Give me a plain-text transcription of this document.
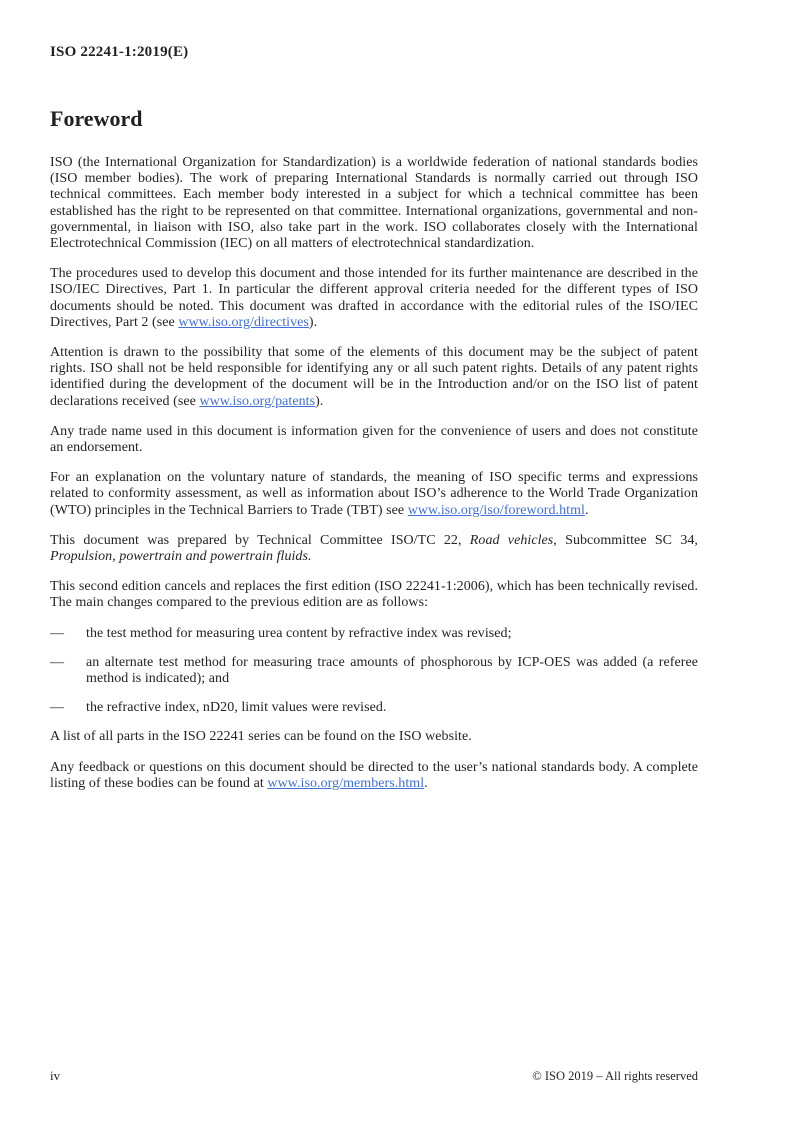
ISO 22241-1:2019(E)
Foreword

ISO (the International Organization for Standardization) is a worldwide federation of national standards bodies (ISO member bodies). The work of preparing International Standards is normally carried out through ISO technical committees. Each member body interested in a subject for which a technical committee has been established has the right to be represented on that committee. International organizations, governmental and non-governmental, in liaison with ISO, also take part in the work. ISO collaborates closely with the International Electrotechnical Commission (IEC) on all matters of electrotechnical standardization.

The procedures used to develop this document and those intended for its further maintenance are described in the ISO/IEC Directives, Part 1. In particular the different approval criteria needed for the different types of ISO documents should be noted. This document was drafted in accordance with the editorial rules of the ISO/IEC Directives, Part 2 (see www.iso.org/directives).

Attention is drawn to the possibility that some of the elements of this document may be the subject of patent rights. ISO shall not be held responsible for identifying any or all such patent rights. Details of any patent rights identified during the development of the document will be in the Introduction and/or on the ISO list of patent declarations received (see www.iso.org/patents).

Any trade name used in this document is information given for the convenience of users and does not constitute an endorsement.

For an explanation on the voluntary nature of standards, the meaning of ISO specific terms and expressions related to conformity assessment, as well as information about ISO’s adherence to the World Trade Organization (WTO) principles in the Technical Barriers to Trade (TBT) see www.iso.org/iso/foreword.html.

This document was prepared by Technical Committee ISO/TC 22, Road vehicles, Subcommittee SC 34, Propulsion, powertrain and powertrain fluids.

This second edition cancels and replaces the first edition (ISO 22241-1:2006), which has been technically revised. The main changes compared to the previous edition are as follows:

—	the test method for measuring urea content by refractive index was revised;
—	an alternate test method for measuring trace amounts of phosphorous by ICP-OES was added (a referee method is indicated); and
—	the refractive index, nD20, limit values were revised.

A list of all parts in the ISO 22241 series can be found on the ISO website.

Any feedback or questions on this document should be directed to the user’s national standards body. A complete listing of these bodies can be found at www.iso.org/members.html.

iv	© ISO 2019 – All rights reserved
